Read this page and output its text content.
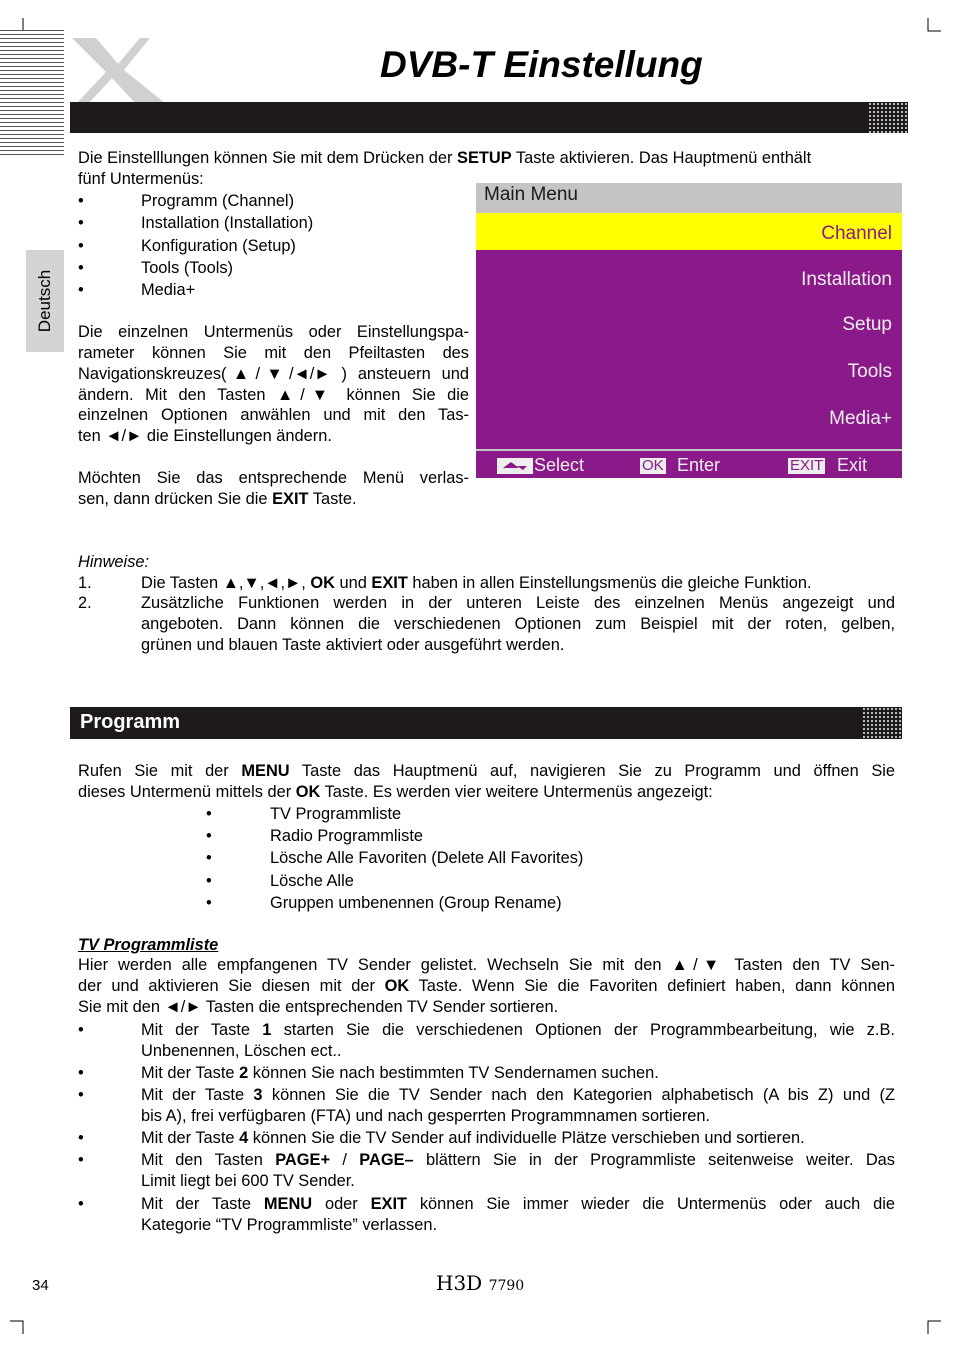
DVB-T Einstellung
Deutsch
Die Einstelllungen können Sie mit dem Drücken der SETUP Taste aktivieren. Das Hauptmenü enthält
fünf Untermenüs:
•	Programm (Channel)
•	Installation (Installation)
•	Konfiguration (Setup)
•	Tools (Tools)
•	Media+
Die einzelnen Untermenüs oder Einstellungspa-
rameter können Sie mit den Pfeiltasten des
Navigationskreuzes(▲/▼/◄/► ) ansteuern und
ändern. Mit den Tasten ▲/▼ können Sie die
einzelnen Optionen anwählen und mit den Tas-
ten ◄/► die Einstellungen ändern.
Möchten Sie das entsprechende Menü verlas-
sen, dann drücken Sie die EXIT Taste.
Main Menu
Channel
Installation
Setup
Tools
Media+
Select	OK Enter	EXIT Exit
Hinweise:
1.	Die Tasten ▲,▼,◄,►, OK und EXIT haben in allen Einstellungsmenüs die gleiche Funktion.
2.	Zusätzliche Funktionen werden in der unteren Leiste des einzelnen Menüs angezeigt und
angeboten. Dann können die verschiedenen Optionen zum Beispiel mit der roten, gelben,
grünen und blauen Taste aktiviert oder ausgeführt werden.
Programm
Rufen Sie mit der MENU Taste das Hauptmenü auf, navigieren Sie zu Programm und öffnen Sie
dieses Untermenü mittels der OK Taste. Es werden vier weitere Untermenüs angezeigt:
•	TV Programmliste
•	Radio Programmliste
•	Lösche Alle Favoriten (Delete All Favorites)
•	Lösche Alle
•	Gruppen umbenennen (Group Rename)
TV Programmliste
Hier werden alle empfangenen TV Sender gelistet. Wechseln Sie mit den ▲/▼ Tasten den TV Sen-
der und aktivieren Sie diesen mit der OK Taste. Wenn Sie die Favoriten definiert haben, dann können
Sie mit den ◄/► Tasten die entsprechenden TV Sender sortieren.
•	Mit der Taste 1 starten Sie die verschiedenen Optionen der Programmbearbeitung, wie z.B.
Unbenennen, Löschen ect..
•	Mit der Taste 2 können Sie nach bestimmten TV Sendernamen suchen.
•	Mit der Taste 3 können Sie die TV Sender nach den Kategorien alphabetisch (A bis Z) und (Z
bis A), frei verfügbaren (FTA) und nach gesperrten Programmnamen sortieren.
•	Mit der Taste 4 können Sie die TV Sender auf individuelle Plätze verschieben und sortieren.
•	Mit den Tasten PAGE+ / PAGE– blättern Sie in der Programmliste seitenweise weiter. Das
Limit liegt bei 600 TV Sender.
•	Mit der Taste MENU oder EXIT können Sie immer wieder die Untermenüs oder auch die
Kategorie “TV Programmliste” verlassen.
34	H3D 7790
